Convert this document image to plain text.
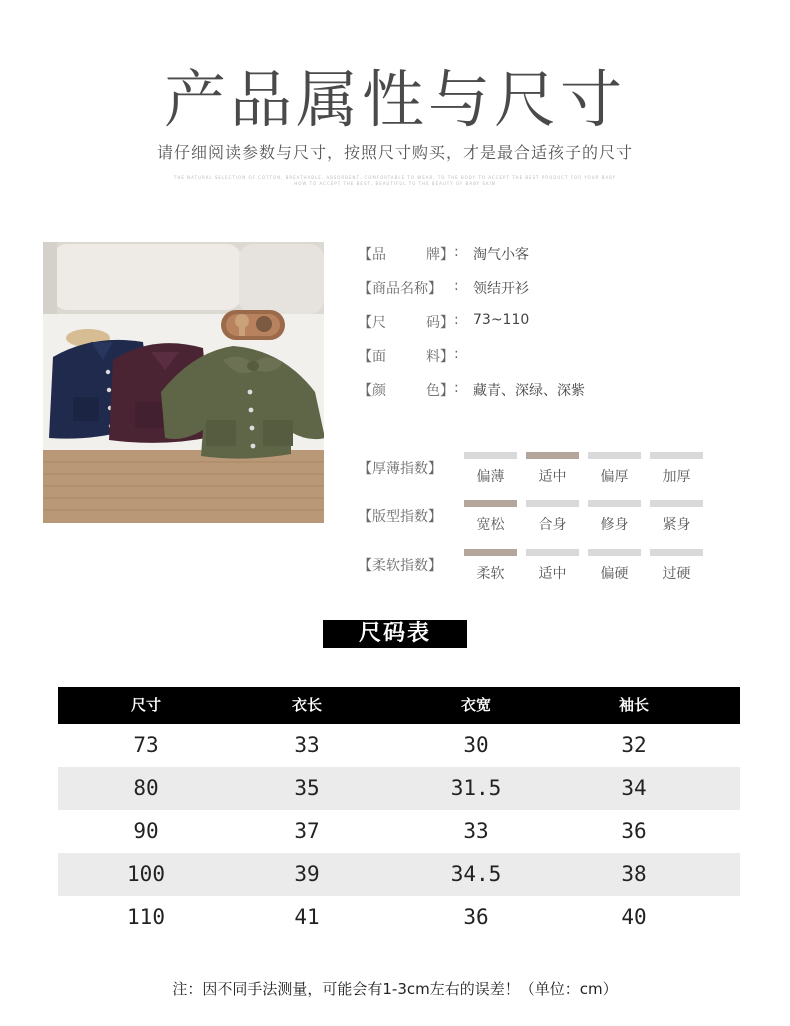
产品属性与尺寸
请仔细阅读参数与尺寸，按照尺寸购买，才是最合适孩子的尺寸
THE NATURAL SELECTION OF COTTON, BREATHABLE, ABSORBENT, COMFORTABLE TO WEAR, TO THE BODY TO ACCEPT THE BEST PRODUCT FOR YOUR BABY
HOW TO ACCEPT THE BEST, BEAUTIFUL TO THE BEAUTY OF BABY SKIN
【 品	牌 】 : 淘气小客
【 商品名称 】 : 领结开衫
【 尺	码 】 : 73~110
【 面	料 】 :
【 颜	色 】 : 藏青、深绿、深紫
【厚薄指数】	偏薄	适中	偏厚	加厚
【版型指数】	宽松	合身	修身	紧身
【柔软指数】	柔软	适中	偏硬	过硬
尺码表
尺寸	衣长	衣宽	袖长
73	33	30	32
80	35	31.5	34
90	37	33	36
100	39	34.5	38
110	41	36	40
注：因不同手法测量，可能会有1-3cm左右的误差！（单位：cm）
